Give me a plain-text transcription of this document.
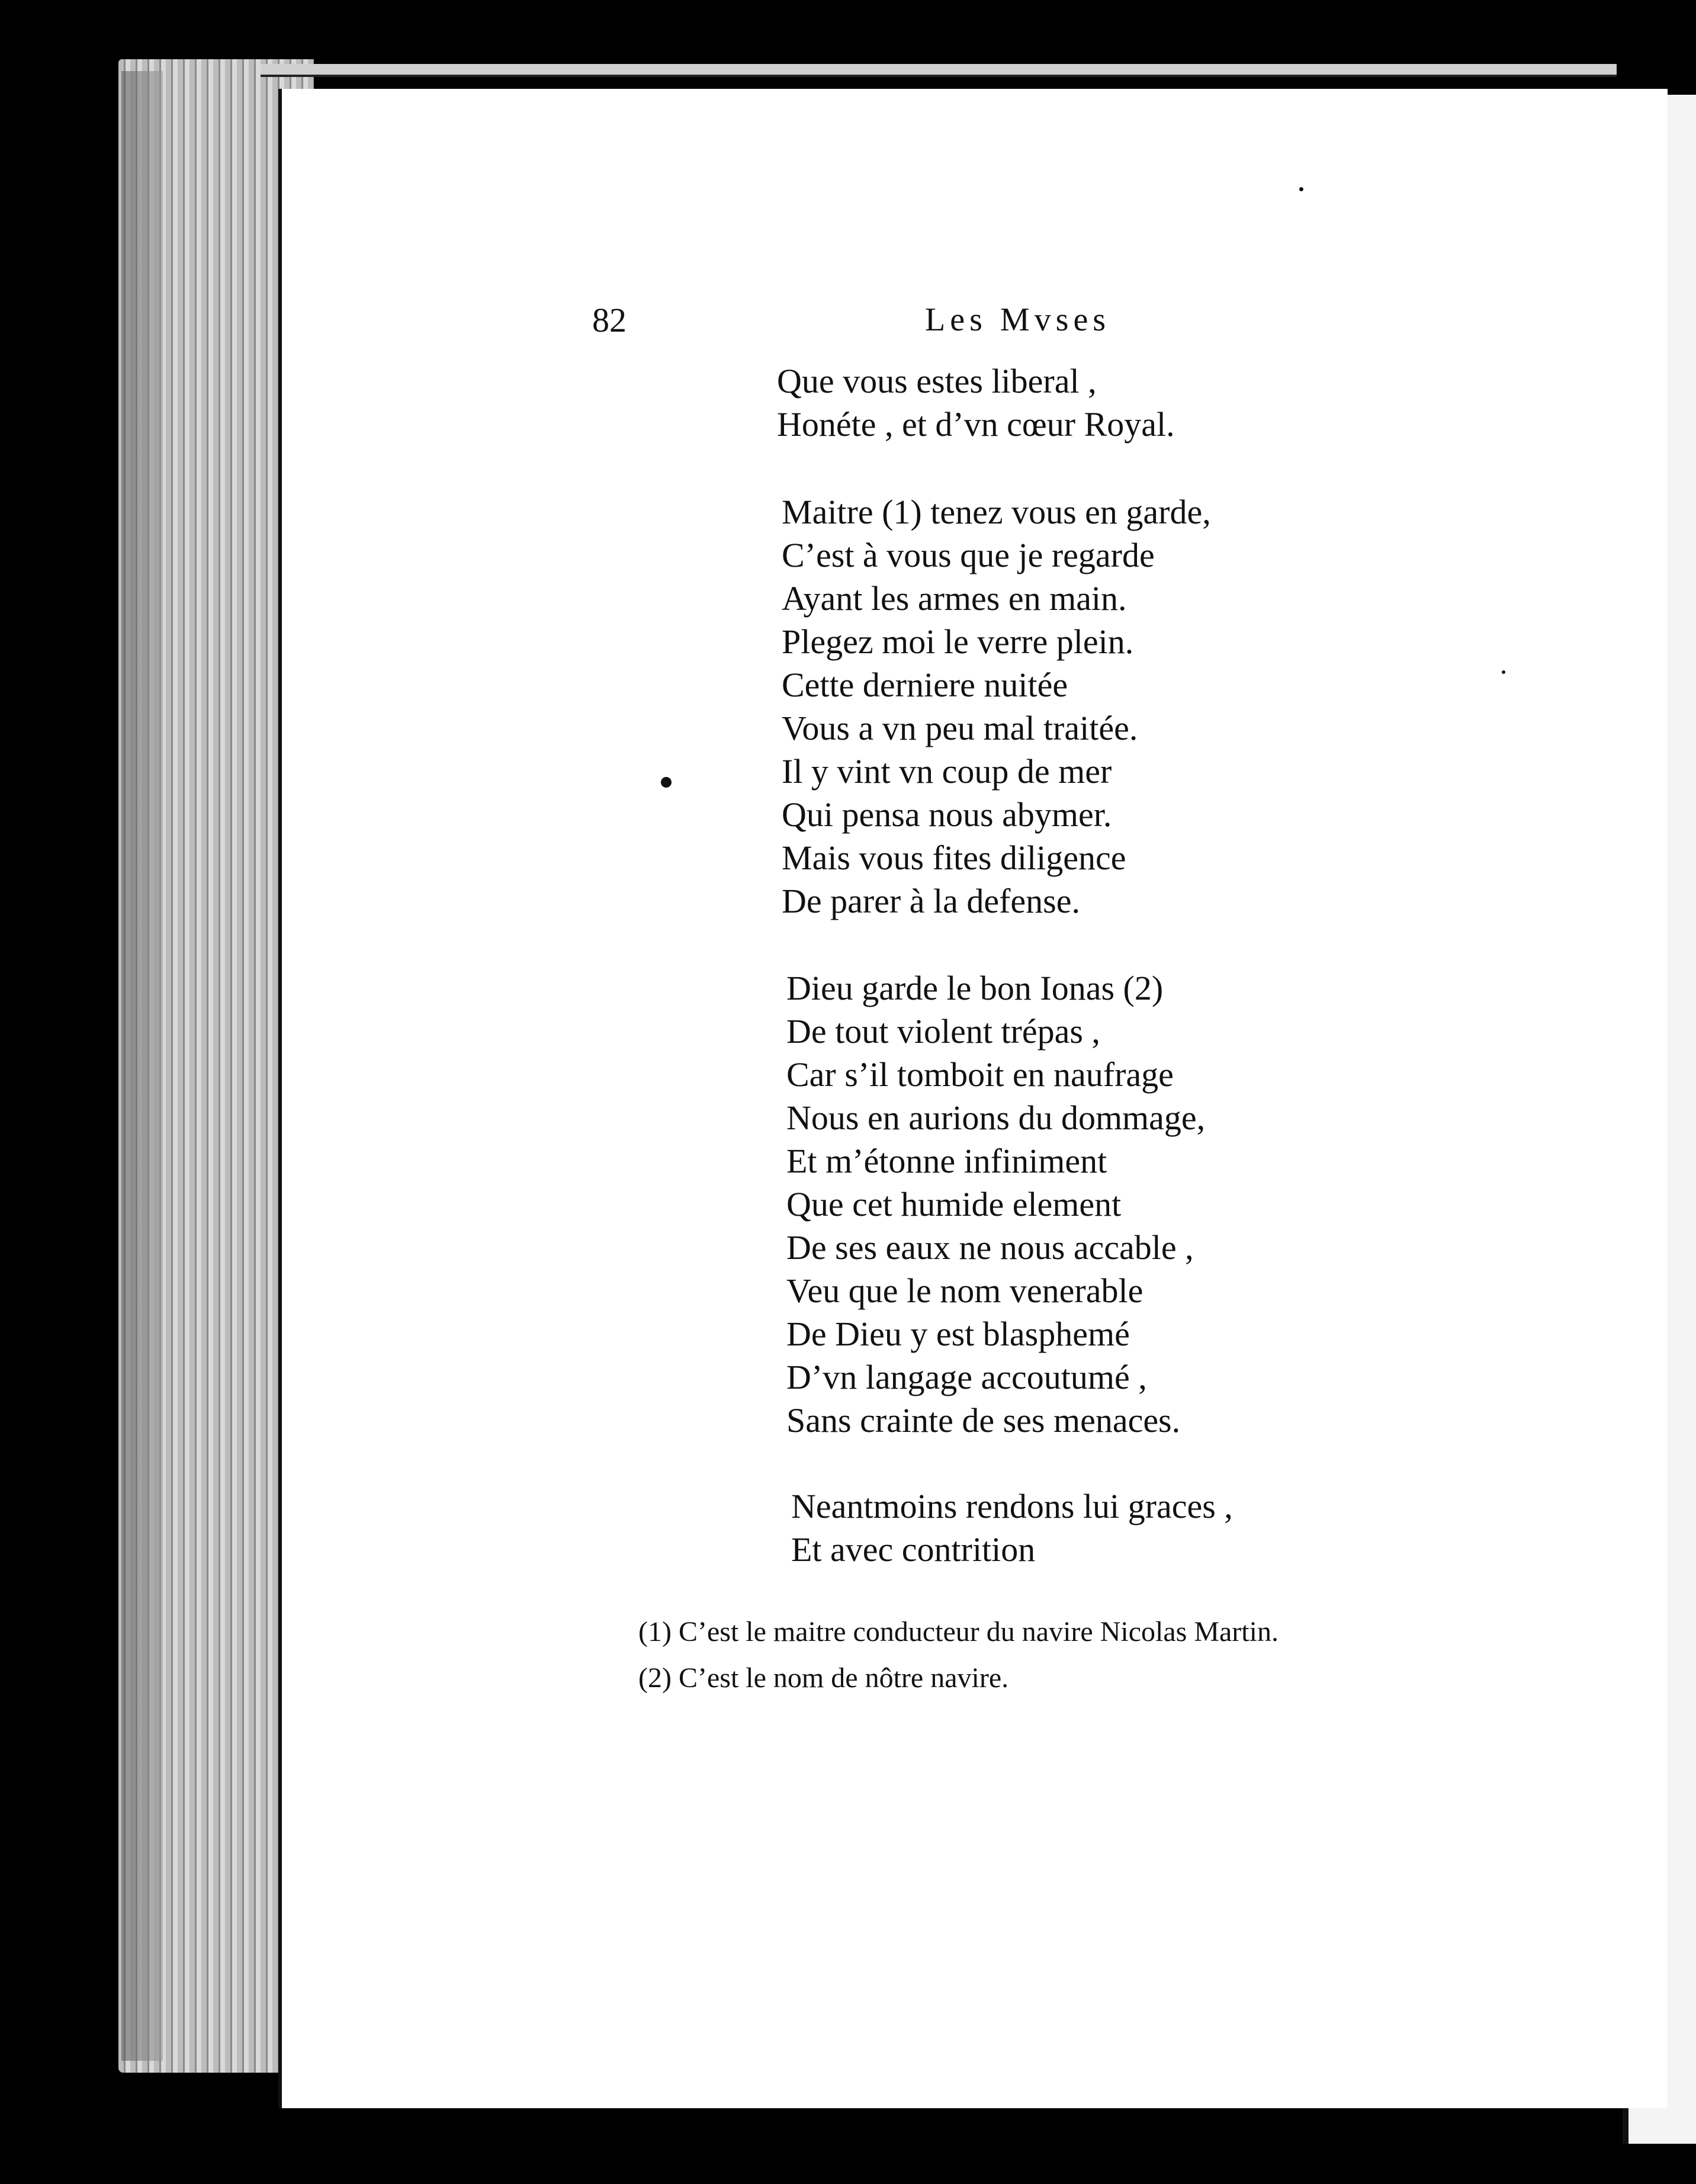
82	Les Mvses
Que vous estes liberal ,
Honéte , et d’vn cœur Royal.
Maitre (1) tenez vous en garde,
C’est à vous que je regarde
Ayant les armes en main.
Plegez moi le verre plein.
Cette derniere nuitée
Vous a vn peu mal traitée.
Il y vint vn coup de mer
Qui pensa nous abymer.
Mais vous fites diligence
De parer à la defense.
Dieu garde le bon Ionas (2)
De tout violent trépas ,
Car s’il tomboit en naufrage
Nous en aurions du dommage,
Et m’étonne infiniment
Que cet humide element
De ses eaux ne nous accable ,
Veu que le nom venerable
De Dieu y est blasphemé
D’vn langage accoutumé ,
Sans crainte de ses menaces.
Neantmoins rendons lui graces ,
Et avec contrition
(1) C’est le maitre conducteur du navire Nicolas Martin.
(2) C’est le nom de nôtre navire.
